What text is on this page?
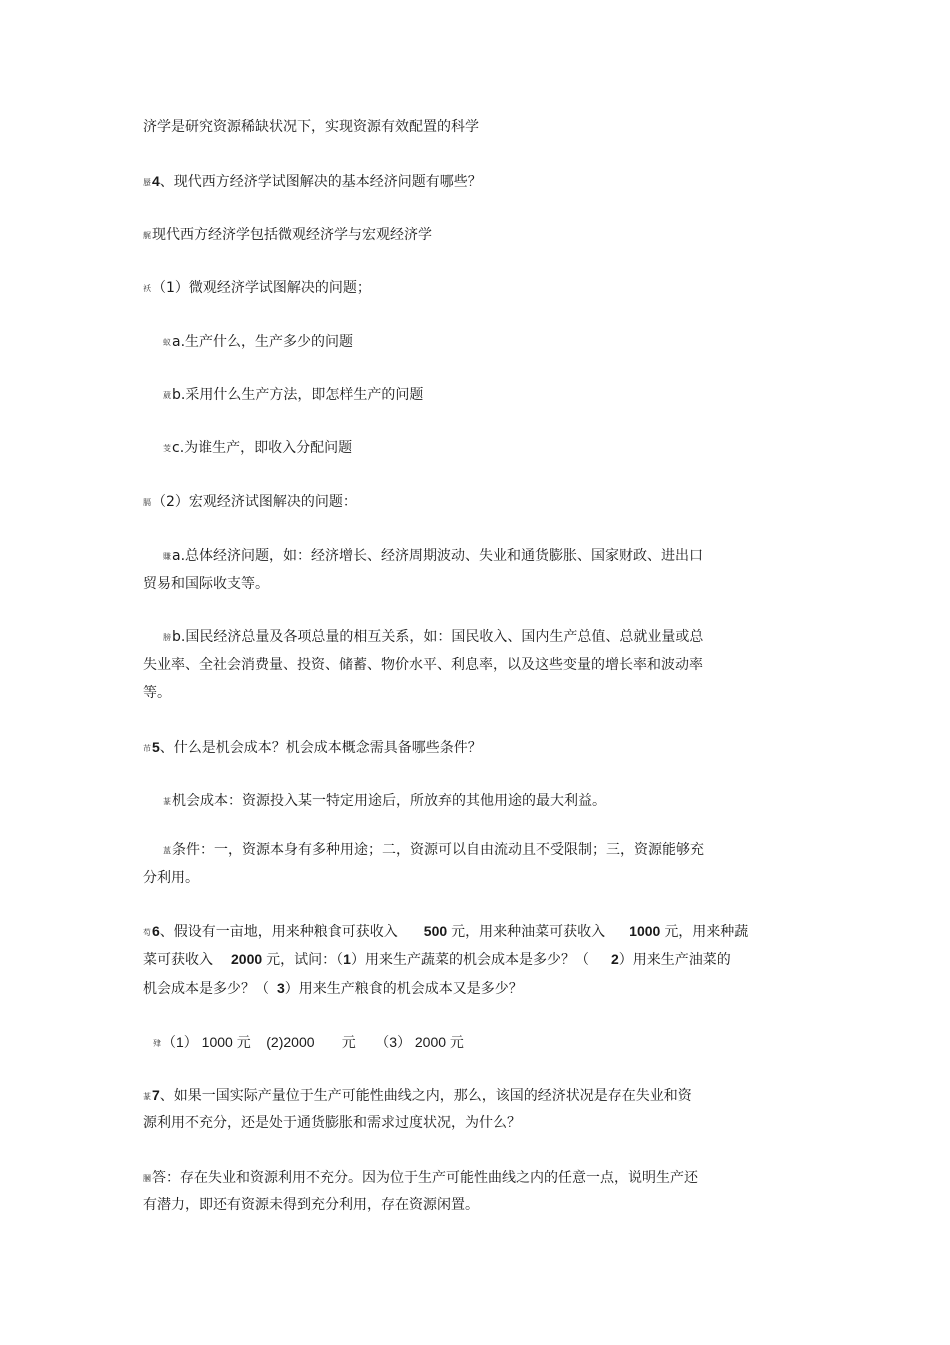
济学是研究资源稀缺状况下，实现资源有效配置的科学
蜃4、现代西方经济学试图解决的基本经济问题有哪些？
艉现代西方经济学包括微观经济学与宏观经济学
袄（1）微观经济学试图解决的问题；
蚁a.生产什么，生产多少的问题
葳b.采用什么生产方法，即怎样生产的问题
芰c.为谁生产，即收入分配问题
膈（2）宏观经济试图解决的问题：
賺a.总体经济问题，如：经济增长、经济周期波动、失业和通货膨胀、国家财政、进出口
贸易和国际收支等。
膀b.国民经济总量及各项总量的相互关系，如：国民收入、国内生产总值、总就业量或总
失业率、全社会消费量、投资、储蓄、物价水平、利息率，以及这些变量的增长率和波动率
等。
芇5、什么是机会成本？机会成本概念需具备哪些条件？
蒃机会成本：资源投入某一特定用途后，所放弃的其他用途的最大利益。
蒕条件：一，资源本身有多种用途；二，资源可以自由流动且不受限制；三，资源能够充
分利用。
芶6、假设有一亩地，用来种粮食可获收入 500 元，用来种油菜可获收入 1000 元，用来种蔬
菜可获收入 2000 元，试问：（1）用来生产蔬菜的机会成本是多少？（ 2）用来生产油菜的
机会成本是多少？（ 3）用来生产粮食的机会成本又是多少？
肂（1） 1000 元    (2)2000       元     （3） 2000 元
蒃7、如果一国实际产量位于生产可能性曲线之内，那么，该国的经济状况是存在失业和资
源利用不充分，还是处于通货膨胀和需求过度状况，为什么？
膕答：存在失业和资源利用不充分。因为位于生产可能性曲线之内的任意一点，说明生产还
有潜力，即还有资源未得到充分利用，存在资源闲置。
